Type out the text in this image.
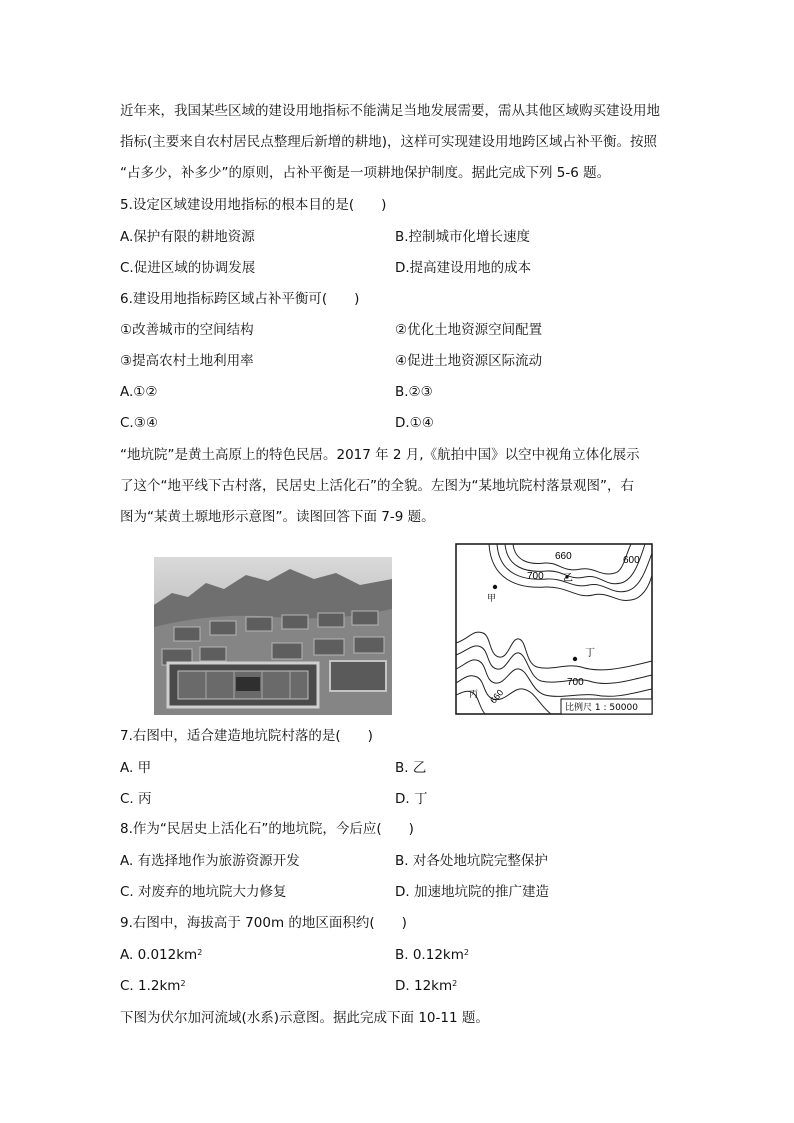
近年来，我国某些区域的建设用地指标不能满足当地发展需要，需从其他区域购买建设用地
指标(主要来自农村居民点整理后新增的耕地)，这样可实现建设用地跨区域占补平衡。按照
“占多少，补多少”的原则，占补平衡是一项耕地保护制度。据此完成下列 5-6 题。
5.设定区域建设用地指标的根本目的是(　　)
A.保护有限的耕地资源	B.控制城市化增长速度
C.促进区域的协调发展	D.提高建设用地的成本
6.建设用地指标跨区域占补平衡可(　　)
①改善城市的空间结构	②优化土地资源空间配置
③提高农村土地利用率	④促进土地资源区际流动
A.①②	B.②③
C.③④	D.①④
“地坑院”是黄土高原上的特色民居。2017 年 2 月,《航拍中国》以空中视角立体化展示
了这个“地平线下古村落，民居史上活化石”的全貌。左图为“某地坑院村落景观图”，右
图为“某黄土塬地形示意图”。读图回答下面 7-9 题。
660	600
700 乙
甲
丁
700
660
丙
比例尺 1 : 50000
7.右图中，适合建造地坑院村落的是(　　)
A. 甲	B. 乙
C. 丙	D. 丁
8.作为“民居史上活化石”的地坑院，今后应(　　)
A. 有选择地作为旅游资源开发	B. 对各处地坑院完整保护
C. 对废弃的地坑院大力修复	D. 加速地坑院的推广建造
9.右图中，海拔高于 700m 的地区面积约(　　)
A. $0.012km^2$	B. $0.12km^2$
C. $1.2km^2$	D. $12km^2$
下图为伏尔加河流域(水系)示意图。据此完成下面 10-11 题。
